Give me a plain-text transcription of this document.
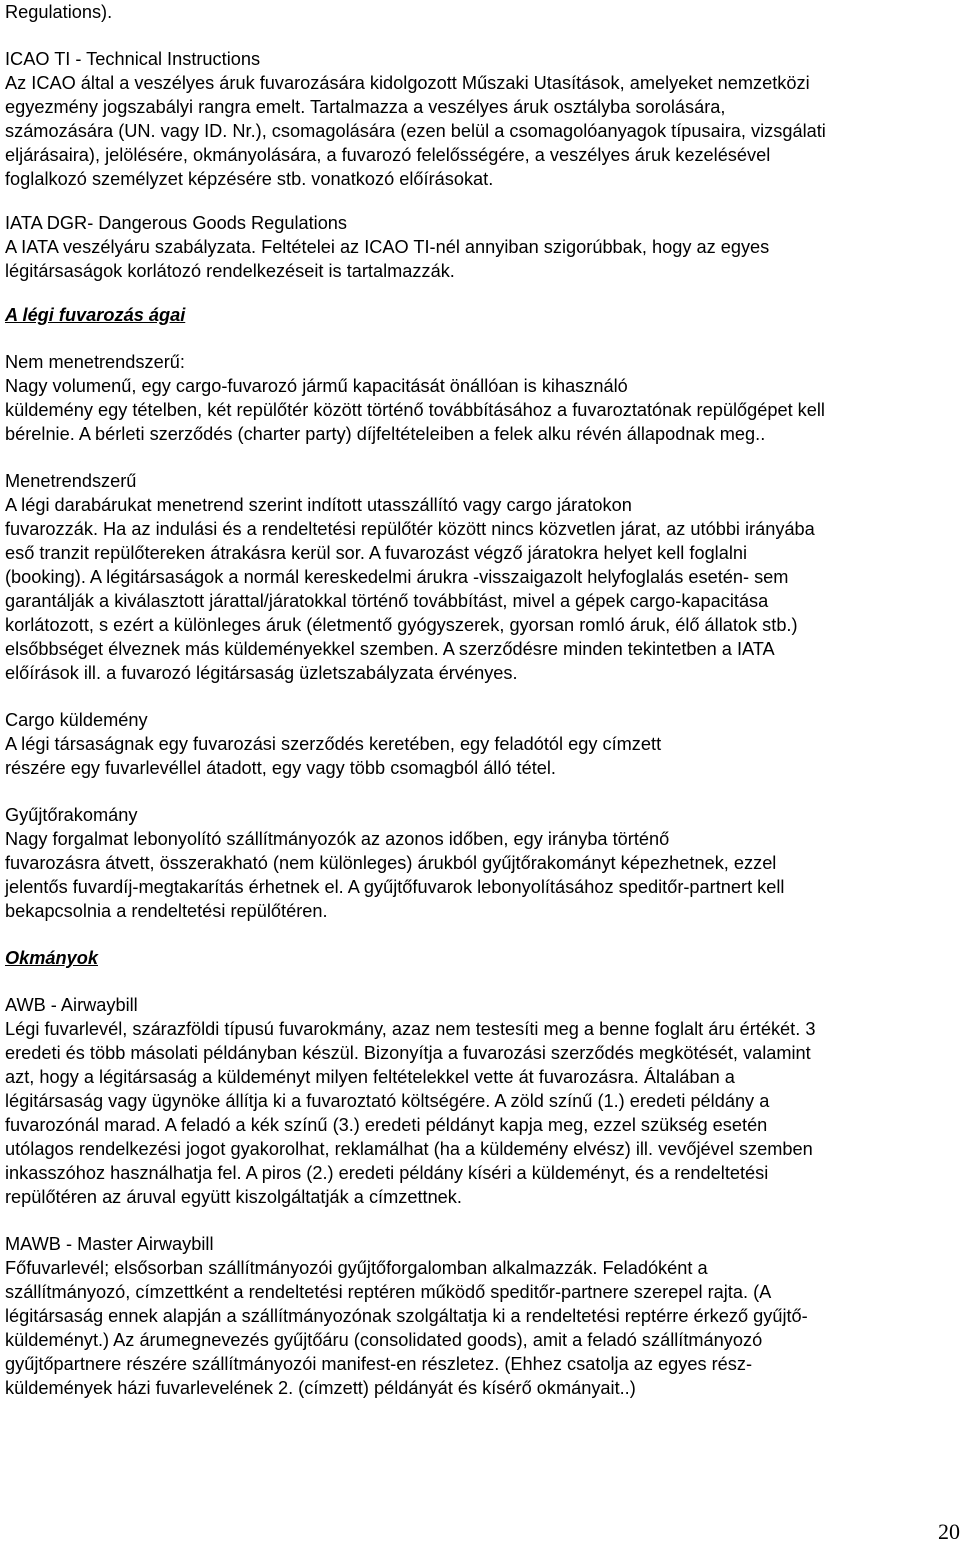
Regulations).
ICAO TI - Technical Instructions
Az ICAO által a veszélyes áruk fuvarozására kidolgozott Műszaki Utasítások, amelyeket nemzetközi
egyezmény jogszabályi rangra emelt. Tartalmazza a veszélyes áruk osztályba sorolására,
számozására (UN. vagy ID. Nr.), csomagolására (ezen belül a csomagolóanyagok típusaira, vizsgálati
eljárásaira), jelölésére, okmányolására, a fuvarozó felelősségére, a veszélyes áruk kezelésével
foglalkozó személyzet képzésére stb. vonatkozó előírásokat.
IATA DGR- Dangerous Goods Regulations
A IATA veszélyáru szabályzata. Feltételei az ICAO TI-nél annyiban szigorúbbak, hogy az egyes
légitársaságok korlátozó rendelkezéseit is tartalmazzák.
A légi fuvarozás ágai
Nem menetrendszerű:
Nagy volumenű, egy cargo-fuvarozó jármű kapacitását önállóan is kihasználó
küldemény egy tételben, két repülőtér között történő továbbításához a fuvaroztatónak repülőgépet kell
bérelnie. A bérleti szerződés (charter party) díjfeltételeiben a felek alku révén állapodnak meg..
Menetrendszerű
A légi darabárukat menetrend szerint indított utasszállító vagy cargo járatokon
fuvarozzák. Ha az indulási és a rendeltetési repülőtér között nincs közvetlen járat, az utóbbi irányába
eső tranzit repülőtereken átrakásra kerül sor. A fuvarozást végző járatokra helyet kell foglalni
(booking). A légitársaságok a normál kereskedelmi árukra -visszaigazolt helyfoglalás esetén- sem
garantálják a kiválasztott járattal/járatokkal történő továbbítást, mivel a gépek cargo-kapacitása
korlátozott, s ezért a különleges áruk (életmentő gyógyszerek, gyorsan romló áruk, élő állatok stb.)
elsőbbséget élveznek más küldeményekkel szemben. A szerződésre minden tekintetben a IATA
előírások ill. a fuvarozó légitársaság üzletszabályzata érvényes.
Cargo küldemény
A légi társaságnak egy fuvarozási szerződés keretében, egy feladótól egy címzett
részére egy fuvarlevéllel átadott, egy vagy több csomagból álló tétel.
Gyűjtőrakomány
Nagy forgalmat lebonyolító szállítmányozók az azonos időben, egy irányba történő
fuvarozásra átvett, összerakható (nem különleges) árukból gyűjtőrakományt képezhetnek, ezzel
jelentős fuvardíj-megtakarítás érhetnek el. A gyűjtőfuvarok lebonyolításához speditőr-partnert kell
bekapcsolnia a rendeltetési repülőtéren.
Okmányok
AWB - Airwaybill
Légi fuvarlevél, szárazföldi típusú fuvarokmány, azaz nem testesíti meg a benne foglalt áru értékét. 3
eredeti és több másolati példányban készül. Bizonyítja a fuvarozási szerződés megkötését, valamint
azt, hogy a légitársaság a küldeményt milyen feltételekkel vette át fuvarozásra. Általában a
légitársaság vagy ügynöke állítja ki a fuvaroztató költségére. A zöld színű (1.) eredeti példány a
fuvarozónál marad. A feladó a kék színű (3.) eredeti példányt kapja meg, ezzel szükség esetén
utólagos rendelkezési jogot gyakorolhat, reklamálhat (ha a küldemény elvész) ill. vevőjével szemben
inkasszóhoz használhatja fel. A piros (2.) eredeti példány kíséri a küldeményt, és a rendeltetési
repülőtéren az áruval együtt kiszolgáltatják a címzettnek.
MAWB - Master Airwaybill
Főfuvarlevél; elsősorban szállítmányozói gyűjtőforgalomban alkalmazzák. Feladóként a
szállítmányozó, címzettként a rendeltetési reptéren működő speditőr-partnere szerepel rajta. (A
légitársaság ennek alapján a szállítmányozónak szolgáltatja ki a rendeltetési reptérre érkező gyűjtő-
küldeményt.) Az árumegnevezés gyűjtőáru (consolidated goods), amit a feladó szállítmányozó
gyűjtőpartnere részére szállítmányozói manifest-en részletez. (Ehhez csatolja az egyes rész-
küldemények házi fuvarlevelének 2. (címzett) példányát és kísérő okmányait..)
20
